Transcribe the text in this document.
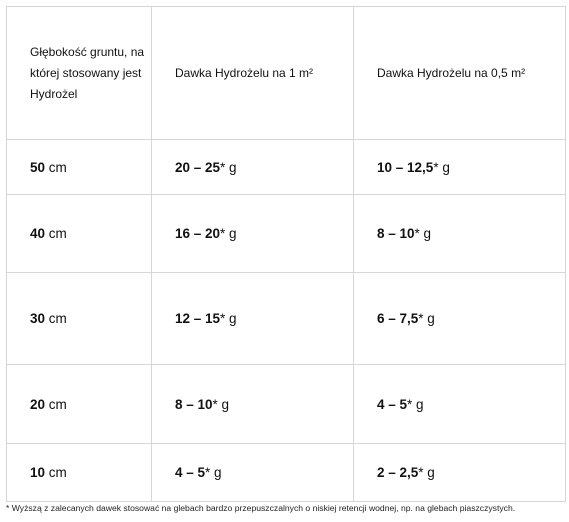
Głębokość gruntu, na której stosowany jest Hydrożel	Dawka Hydrożelu na 1 m²	Dawka Hydrożelu na 0,5 m²
50 cm	20 – 25* g	10 – 12,5* g
40 cm	16 – 20* g	8 – 10* g
30 cm	12 – 15* g	6 – 7,5* g
20 cm	8 – 10* g	4 – 5* g
10 cm	4 – 5* g	2 – 2,5* g
* Wyższą z zalecanych dawek stosować na glebach bardzo przepuszczalnych o niskiej retencji wodnej, np. na glebach piaszczystych.
